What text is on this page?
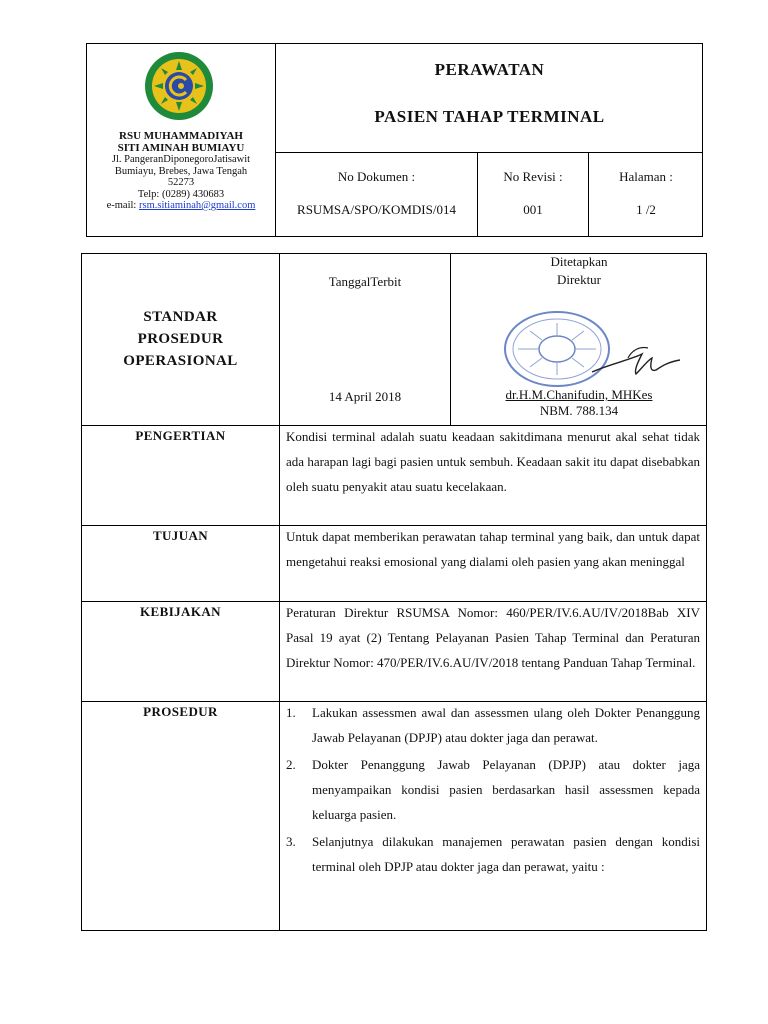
RSU MUHAMMADIYAH
SITI AMINAH BUMIAYU
Jl. PangeranDiponegoroJatisawit
Bumiayu, Brebes, Jawa Tengah
52273
Telp: (0289) 430683
e-mail: rsm.sitiaminah@gmail.com
PERAWATAN
PASIEN TAHAP TERMINAL
No Dokumen :
RSUMSA/SPO/KOMDIS/014
No Revisi :
001
Halaman :
1 /2
STANDAR
PROSEDUR
OPERASIONAL
TanggalTerbit
14 April 2018
Ditetapkan
Direktur
dr.H.M.Chanifudin, MHKes
NBM. 788.134
PENGERTIAN	Kondisi terminal adalah suatu keadaan sakitdimana menurut akal sehat tidak ada harapan lagi bagi pasien untuk sembuh. Keadaan sakit itu dapat disebabkan oleh suatu penyakit atau suatu kecelakaan.
TUJUAN	Untuk dapat memberikan perawatan tahap terminal yang baik, dan untuk dapat mengetahui reaksi emosional yang dialami oleh pasien yang akan meninggal
KEBIJAKAN	Peraturan Direktur RSUMSA Nomor: 460/PER/IV.6.AU/IV/2018Bab XIV Pasal 19 ayat (2) Tentang Pelayanan Pasien Tahap Terminal dan Peraturan Direktur Nomor: 470/PER/IV.6.AU/IV/2018 tentang Panduan Tahap Terminal.
PROSEDUR	1. Lakukan assessmen awal dan assessmen ulang oleh Dokter Penanggung Jawab Pelayanan (DPJP) atau dokter jaga dan perawat.
2. Dokter Penanggung Jawab Pelayanan (DPJP) atau dokter jaga menyampaikan kondisi pasien berdasarkan hasil assessmen kepada keluarga pasien.
3. Selanjutnya dilakukan manajemen perawatan pasien dengan kondisi terminal oleh DPJP atau dokter jaga dan perawat, yaitu :
